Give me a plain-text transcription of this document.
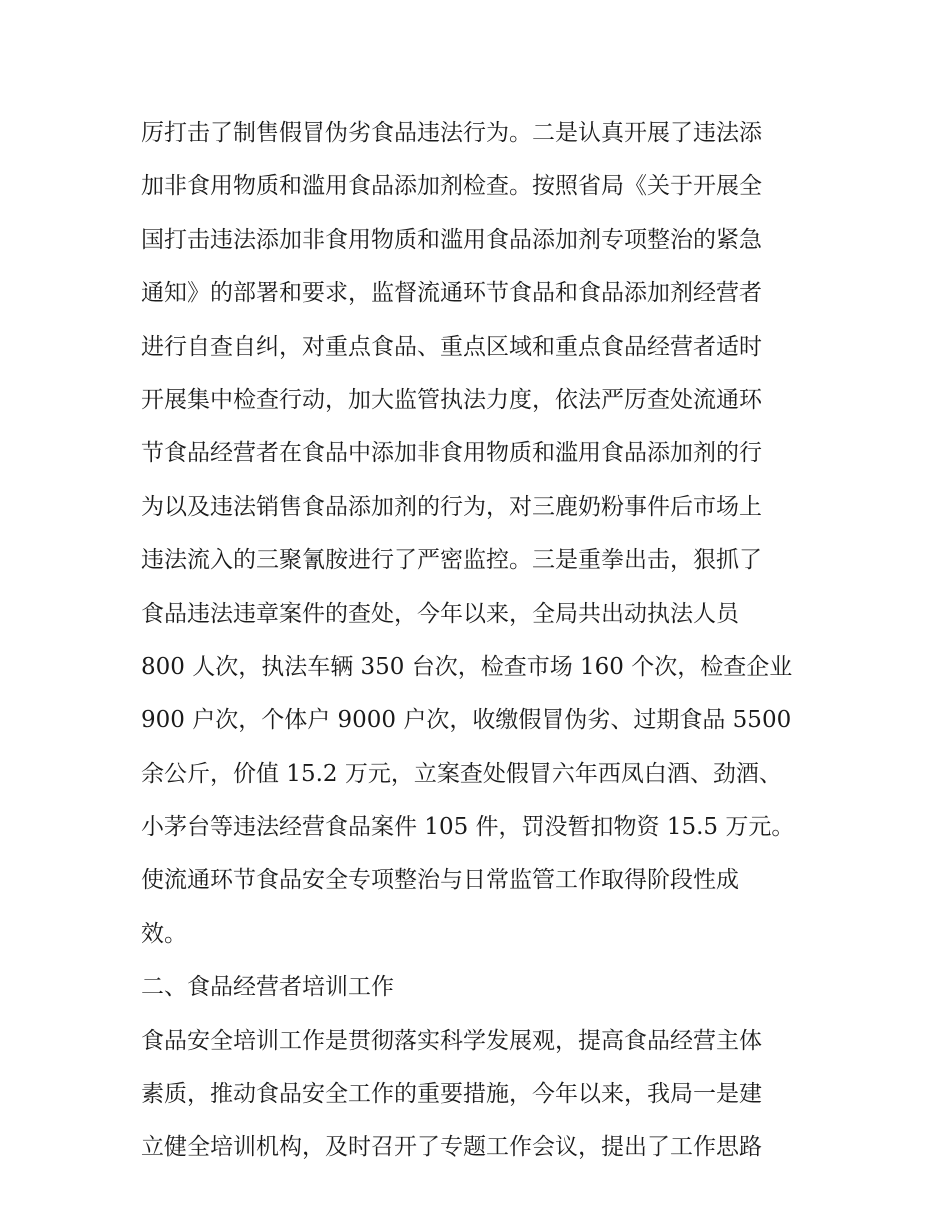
厉打击了制售假冒伪劣食品违法行为。二是认真开展了违法添
加非食用物质和滥用食品添加剂检查。按照省局《关于开展全
国打击违法添加非食用物质和滥用食品添加剂专项整治的紧急
通知》的部署和要求，监督流通环节食品和食品添加剂经营者
进行自查自纠，对重点食品、重点区域和重点食品经营者适时
开展集中检查行动，加大监管执法力度，依法严厉查处流通环
节食品经营者在食品中添加非食用物质和滥用食品添加剂的行
为以及违法销售食品添加剂的行为，对三鹿奶粉事件后市场上
违法流入的三聚氰胺进行了严密监控。三是重拳出击，狠抓了
食品违法违章案件的查处，今年以来，全局共出动执法人员
800 人次，执法车辆 350 台次，检查市场 160 个次，检查企业
900 户次，个体户 9000 户次，收缴假冒伪劣、过期食品 5500
余公斤，价值 15.2 万元，立案查处假冒六年西凤白酒、劲酒、
小茅台等违法经营食品案件 105 件，罚没暂扣物资 15.5 万元。
使流通环节食品安全专项整治与日常监管工作取得阶段性成
效。
二、食品经营者培训工作
食品安全培训工作是贯彻落实科学发展观，提高食品经营主体
素质，推动食品安全工作的重要措施，今年以来，我局一是建
立健全培训机构，及时召开了专题工作会议，提出了工作思路
